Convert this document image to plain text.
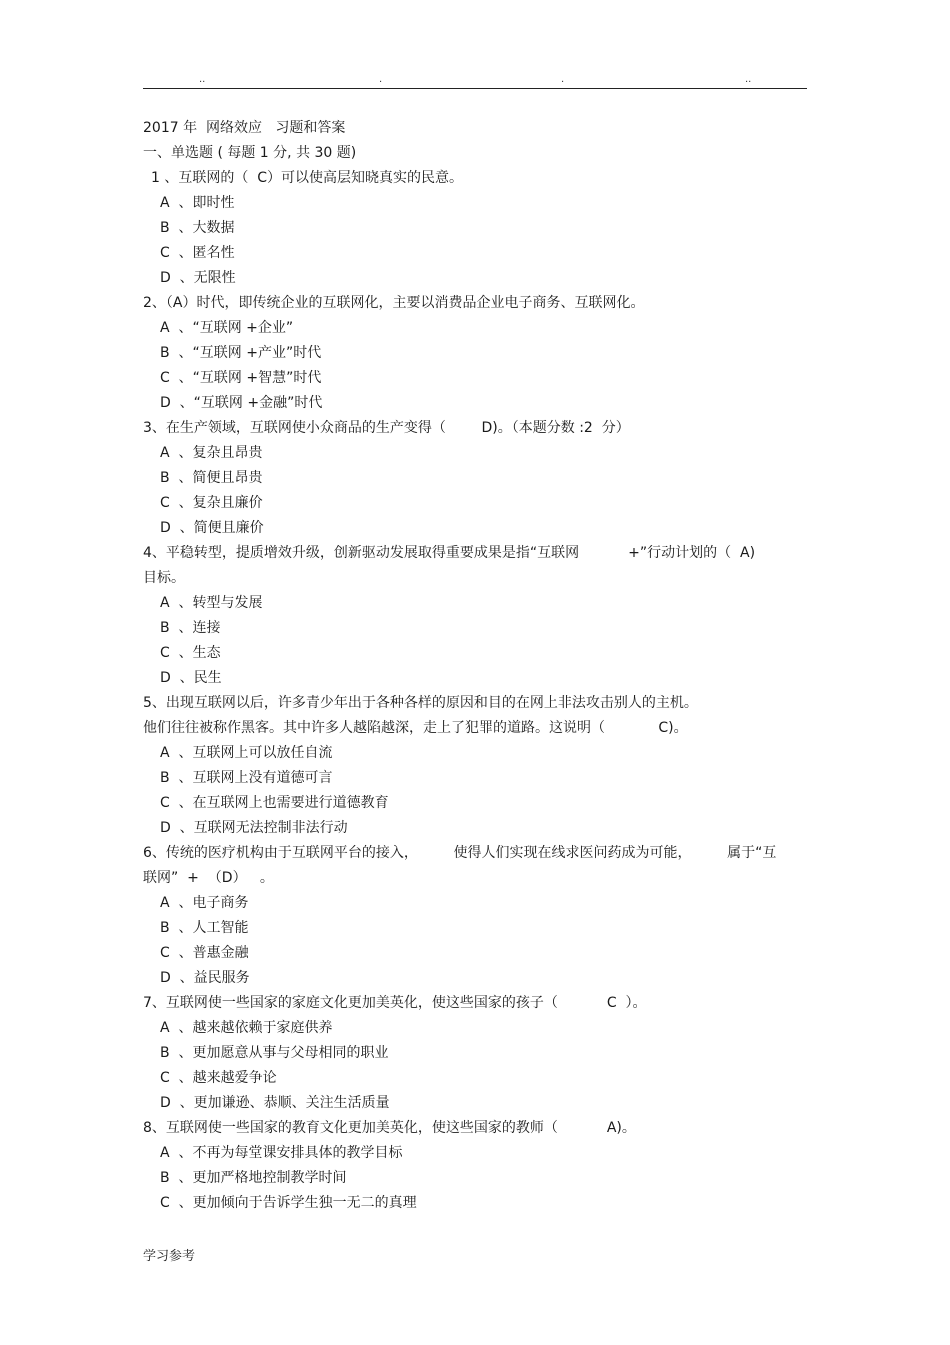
..	.	.	..
2017 年  网络效应   习题和答案
一、单选题 ( 每题 1 分, 共 30 题)
1 、互联网的（  C）可以使高层知晓真实的民意。
A  、即时性
B  、大数据
C  、匿名性
D  、无限性
2、（A）时代，即传统企业的互联网化，主要以消费品企业电子商务、互联网化。
A  、“互联网 +企业”
B  、“互联网 +产业”时代
C  、“互联网 +智慧”时代
D  、“互联网 +金融”时代
3、在生产领域，互联网使小众商品的生产变得（        D)。（本题分数 :2  分）
A  、复杂且昂贵
B  、简便且昂贵
C  、复杂且廉价
D  、简便且廉价
4、平稳转型，提质增效升级，创新驱动发展取得重要成果是指“互联网           +”行动计划的（  A)
目标。
A  、转型与发展
B  、连接
C  、生态
D  、民生
5、出现互联网以后，许多青少年出于各种各样的原因和目的在网上非法攻击别人的主机。
他们往往被称作黑客。其中许多人越陷越深，走上了犯罪的道路。这说明（            C)。
A  、互联网上可以放任自流
B  、互联网上没有道德可言
C  、在互联网上也需要进行道德教育
D  、互联网无法控制非法行动
6、传统的医疗机构由于互联网平台的接入，        使得人们实现在线求医问药成为可能，        属于“互
联网”  +  （D）   。
A  、电子商务
B  、人工智能
C  、普惠金融
D  、益民服务
7、互联网使一些国家的家庭文化更加美英化，使这些国家的孩子（           C  ）。
A  、越来越依赖于家庭供养
B  、更加愿意从事与父母相同的职业
C  、越来越爱争论
D  、更加谦逊、恭顺、关注生活质量
8、互联网使一些国家的教育文化更加美英化，使这些国家的教师（           A)。
A  、不再为每堂课安排具体的教学目标
B  、更加严格地控制教学时间
C  、更加倾向于告诉学生独一无二的真理
学习参考
